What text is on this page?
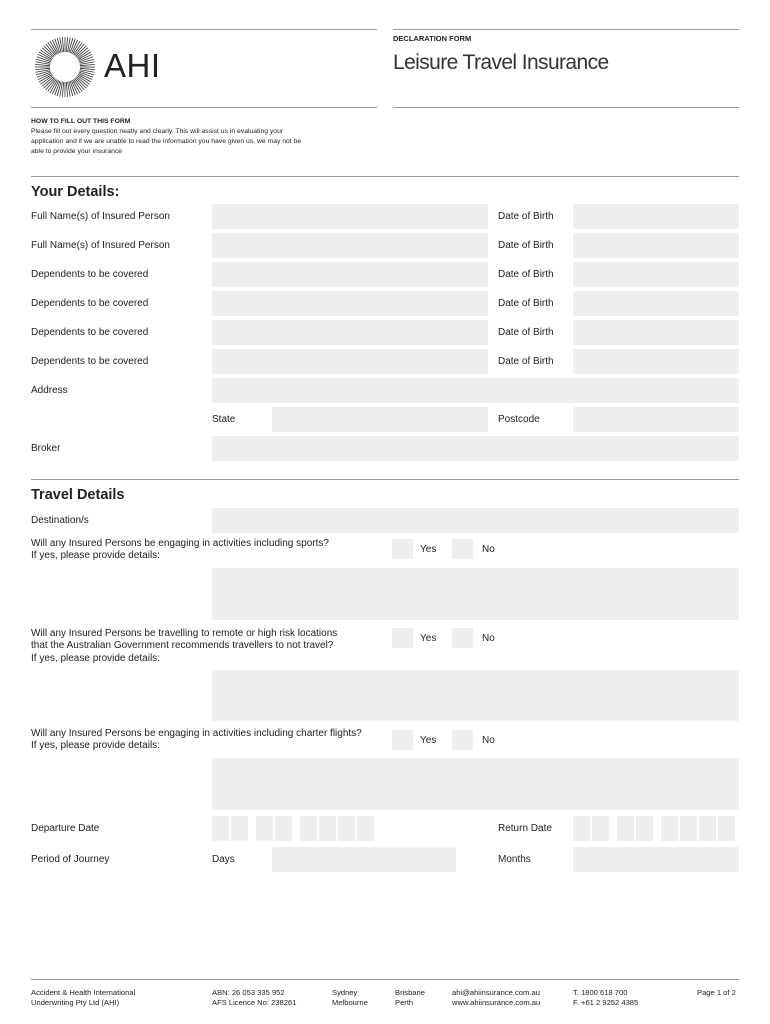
AHI
DECLARATION FORM
Leisure Travel Insurance
HOW TO FILL OUT THIS FORM
Please fill out every question neatly and clearly. This will assist us in evaluating your
application and if we are unable to read the information you have given us, we may not be
able to provide your insurance
Your Details:
Full Name(s) of Insured Person	Date of Birth
Full Name(s) of Insured Person	Date of Birth
Dependents to be covered	Date of Birth
Dependents to be covered	Date of Birth
Dependents to be covered	Date of Birth
Dependents to be covered	Date of Birth
Address
State	Postcode
Broker
Travel Details
Destination/s
Will any Insured Persons be engaging in activities including sports?
If yes, please provide details:
Yes	No
Will any Insured Persons be travelling to remote or high risk locations
that the Australian Government recommends travellers to not travel?
If yes, please provide details:
Yes	No
Will any Insured Persons be engaging in activities including charter flights?
If yes, please provide details:	Yes	No
Departure Date	Return Date
Period of Journey	Days	Months
Accident & Health International
Underwriting Pty Ltd (AHI)
ABN: 26 053 335 952
AFS Licence No: 238261
Sydney
Melbourne
Brisbane
Perth
ahi@ahiinsurance.com.au
www.ahiinsurance.com.au
T. 1800 618 700
F. +61 2 9252 4385
Page 1 of 2
